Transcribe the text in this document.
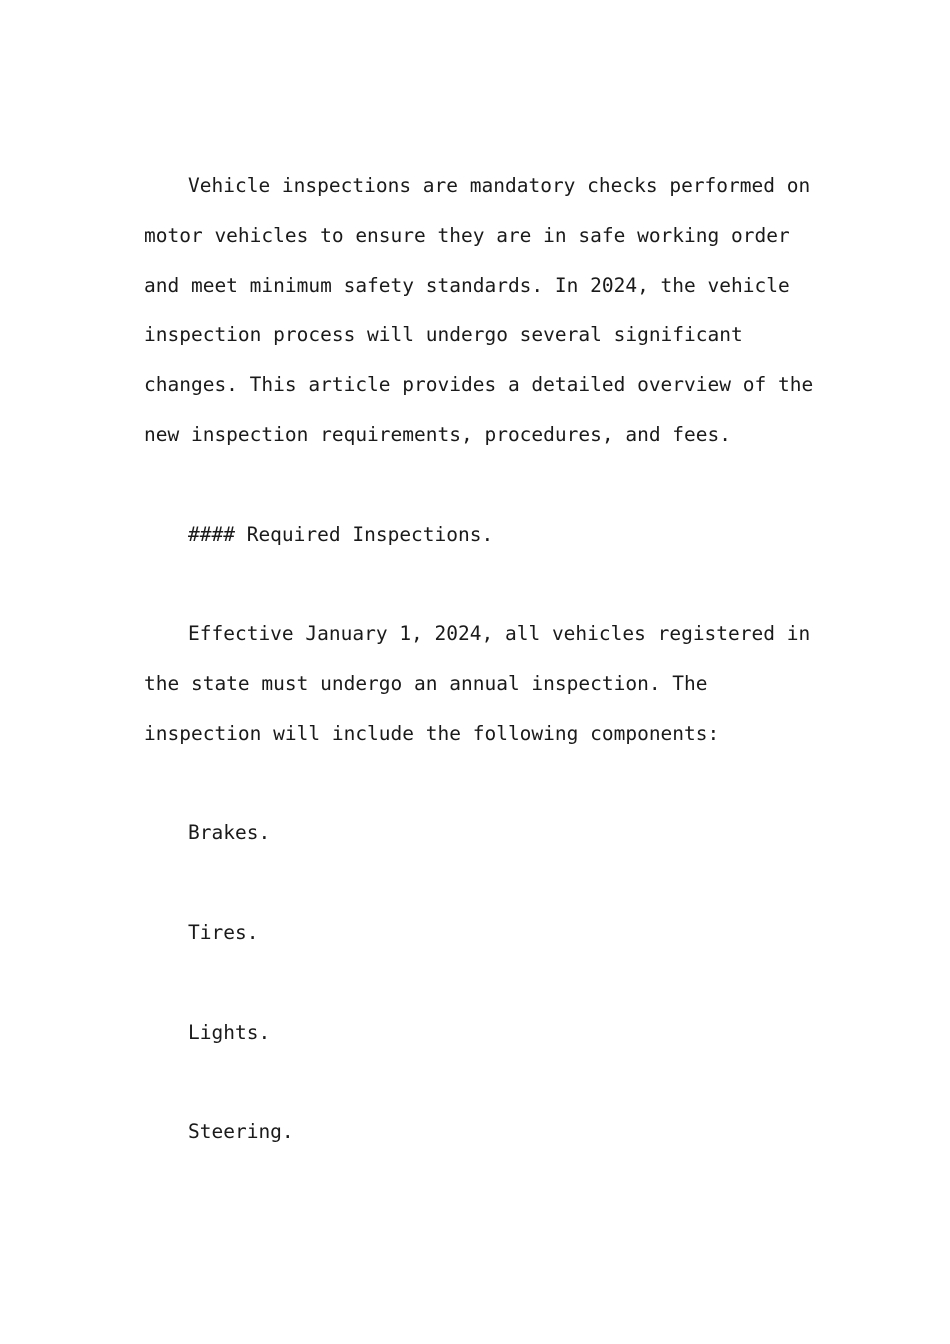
Vehicle inspections are mandatory checks performed on motor vehicles to ensure they are in safe working order and meet minimum safety standards. In 2024, the vehicle inspection process will undergo several significant changes. This article provides a detailed overview of the new inspection requirements, procedures, and fees.

#### Required Inspections.

Effective January 1, 2024, all vehicles registered in the state must undergo an annual inspection. The inspection will include the following components:

Brakes.

Tires.

Lights.

Steering.
